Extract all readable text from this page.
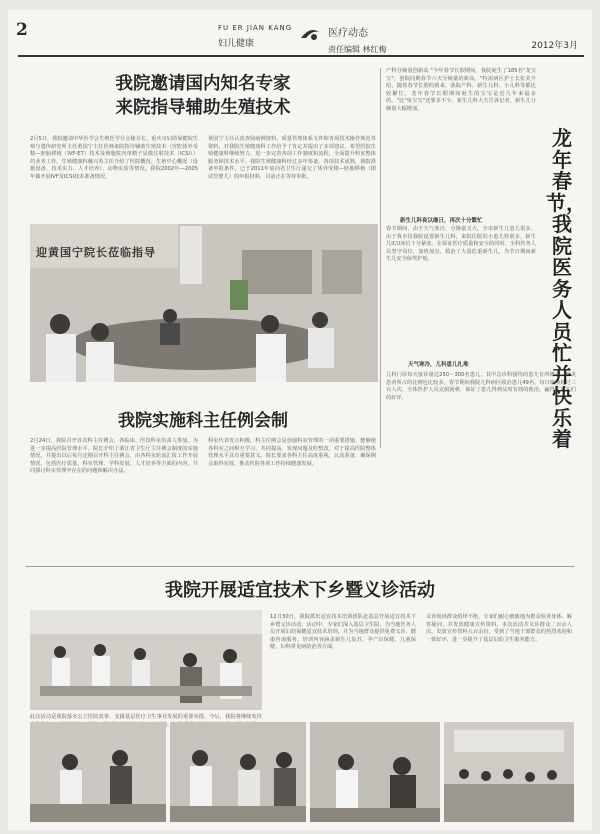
2	FU ER JIAN KANG
妇儿健康
医疗动态
责任编辑 林红梅	2012年3月
我院邀请国内知名专家
来院指导辅助生殖技术
2月5日，我院邀请中华医学会生殖医学分会秘书长、重庆市妇幼保健院生殖与遗传研究所主任黄国宁主任医师来院指导辅助生殖技术（宫腔体外受精—胚胎移植（IVF-ET）技术及卵胞浆内单精子显微注射技术（ICSI））的业务工作。生殖健康科戴兴英主任介绍了医院概况、生殖中心概况（设施设备、技术实力、人才培养）、动物实验等情况。我院2002年—2005年做开展IVF及ICSI技术准备情况。
黄国宁主任认真查阅病例资料，质量管理体系文件和各项技术操作规范等资料，对我院生殖健康科工作给予了肯定并提出了多项建议，希望医院生殖健康科继续努力，进一步完善各项工作制度和流程，全面提升科室整体服务和技术水平。我院生殖健康科经过多年筹备，各项技术成熟，我院准备申报条件，已于2011年底向省卫生厅递交了体外受精—胚胎移植（即试管婴儿）的申报材料，目前正在等待审批。
迎黄国宁院长莅临指导
产科分娩量创新高 "今年春节长假期间，我院诞生了185名"龙宝宝"，创院同期春节六天分娩量的新高。"特需病区护士长张美介绍，随着春节长假的到来，我院产科、新生儿科、小儿科等都比较繁忙，龙年春节长假期间诞生的宝宝是近几年来最多的。"比"兔宝宝"还要多不少。新生儿科大夫告诉记者，新生儿分娩量大幅增加。
新生儿科夜以继日，再次十分繁忙
春节期间，由于天气寒冷，分娩量又大，全市新生儿患儿很多。由于我市仅我院设置新生儿科，来院住院的小患儿特别多，新生儿ICU床位十分紧张。在保证医疗质量和安全的同时，全科医务人员坚守岗位，加班加点，救治了大量危重新生儿，为节日期间新生儿安全保驾护航。
天气寒冷，儿科患儿扎堆
儿科门诊每天接诊量达250～300名患儿，其中急诊科接待的患儿有所增多。肺炎患者所占的比例也比较多。春节期间我院儿科病区收治患儿49名，每日输液超过三百人次。全体医护人员克服困难，保证了患儿得到及时有效的救治，赢得了家长们的好评。
龙年春节，我院医务人员忙并快乐着
我院实施科主任例会制
2月24日，我院召开首次科主任例会，各临床、医技科室负责人参加。为进一步提高医院管理水平，院长介绍了浙江省卫生厅主任例会制度的实施情况，并提出以后每月定期召开科主任例会，由各科室轮流汇报工作开展情况，包括医疗质量、科室管理、学科发展、人才培养等方面的内容，共同探讨科室管理中存在的问题和解决办法。
科室代表发言积极，科主任例会是加强科室管理的一项重要措施，能够使各科室之间相互学习、共同提高，发现问题及时整改，对于提高医院整体管理水平具有重要意义。院长要求各科主任高度重视，认真准备，确保例会取得实效，推动医院各项工作持续健康发展。
我院开展适宜技术下乡暨义诊活动
12月30日，我院派出适宜技术培训团队赴基层开展适宜技术下乡暨义诊活动。活动中，专家们深入基层卫生院，为当地医务人员开展妇幼保健适宜技术培训，并为当地群众提供免费义诊、健康咨询服务。培训内容涵盖新生儿复苏、孕产妇保健、儿童保健、妇科常见病防治等方面。
义诊现场群众络绎不绝，专家们耐心细致地为群众检查身体、解答疑问，并发放健康宣传资料。本次活动共义诊群众二百余人次，发放宣传资料五百余份，受到了当地干部群众的热烈欢迎和一致好评，进一步提升了基层妇幼卫生服务能力。
此次活动是我院落实公立医院改革、支援基层医疗卫生事业发展的重要举措。今后，我院将继续发挥 动，
